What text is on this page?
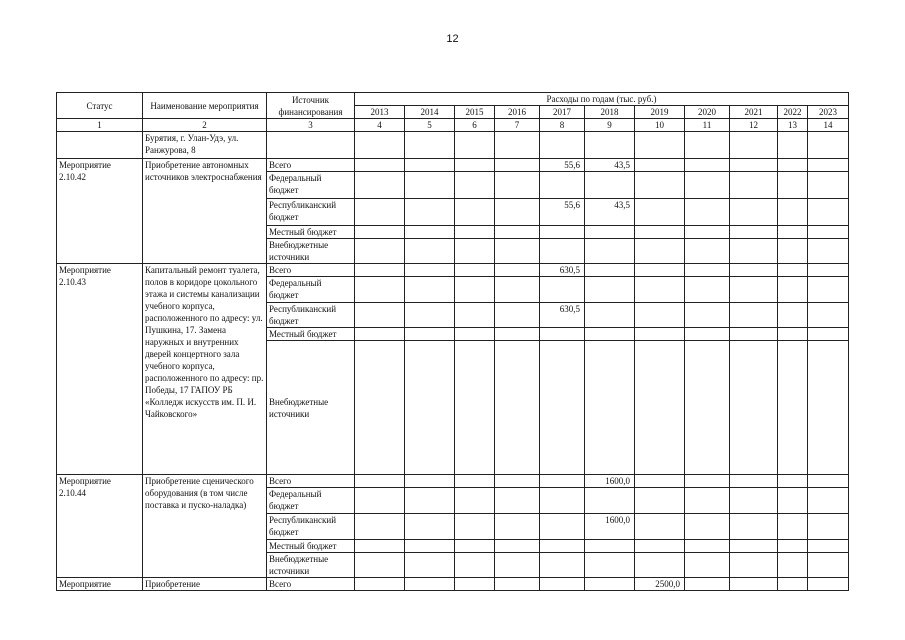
12
Статус	Наименование мероприятия	Источник финансирования	Расходы по годам (тыс. руб.)										
			2013	2014	2015	2016	2017	2018	2019	2020	2021	2022	2023
1	2	3	4	5	6	7	8	9	10	11	12	13	14
	Бурятия, г. Улан-Удэ, ул. Ранжурова, 8												
Мероприятие 2.10.42	Приобретение автономных источников электроснабжения	Всего					55,6	43,5					
		Федеральный бюджет											
		Республиканский бюджет					55,6	43,5					
		Местный бюджет											
		Внебюджетные источники											
Мероприятие 2.10.43	Капитальный ремонт туалета, полов в коридоре цокольного этажа и системы канализации учебного корпуса, расположенного по адресу: ул. Пушкина, 17. Замена наружных и внутренних дверей концертного зала учебного корпуса, расположенного по адресу: пр. Победы, 17 ГАПОУ РБ «Колледж искусств им. П. И. Чайковского»	Всего					630,5						
		Федеральный бюджет											
		Республиканский бюджет					630,5						
		Местный бюджет											
		Внебюджетные источники											
Мероприятие 2.10.44	Приобретение сценического оборудования (в том числе поставка и пуско-наладка)	Всего						1600,0					
		Федеральный бюджет											
		Республиканский бюджет						1600,0					
		Местный бюджет											
		Внебюджетные источники											
Мероприятие	Приобретение	Всего							2500,0				
